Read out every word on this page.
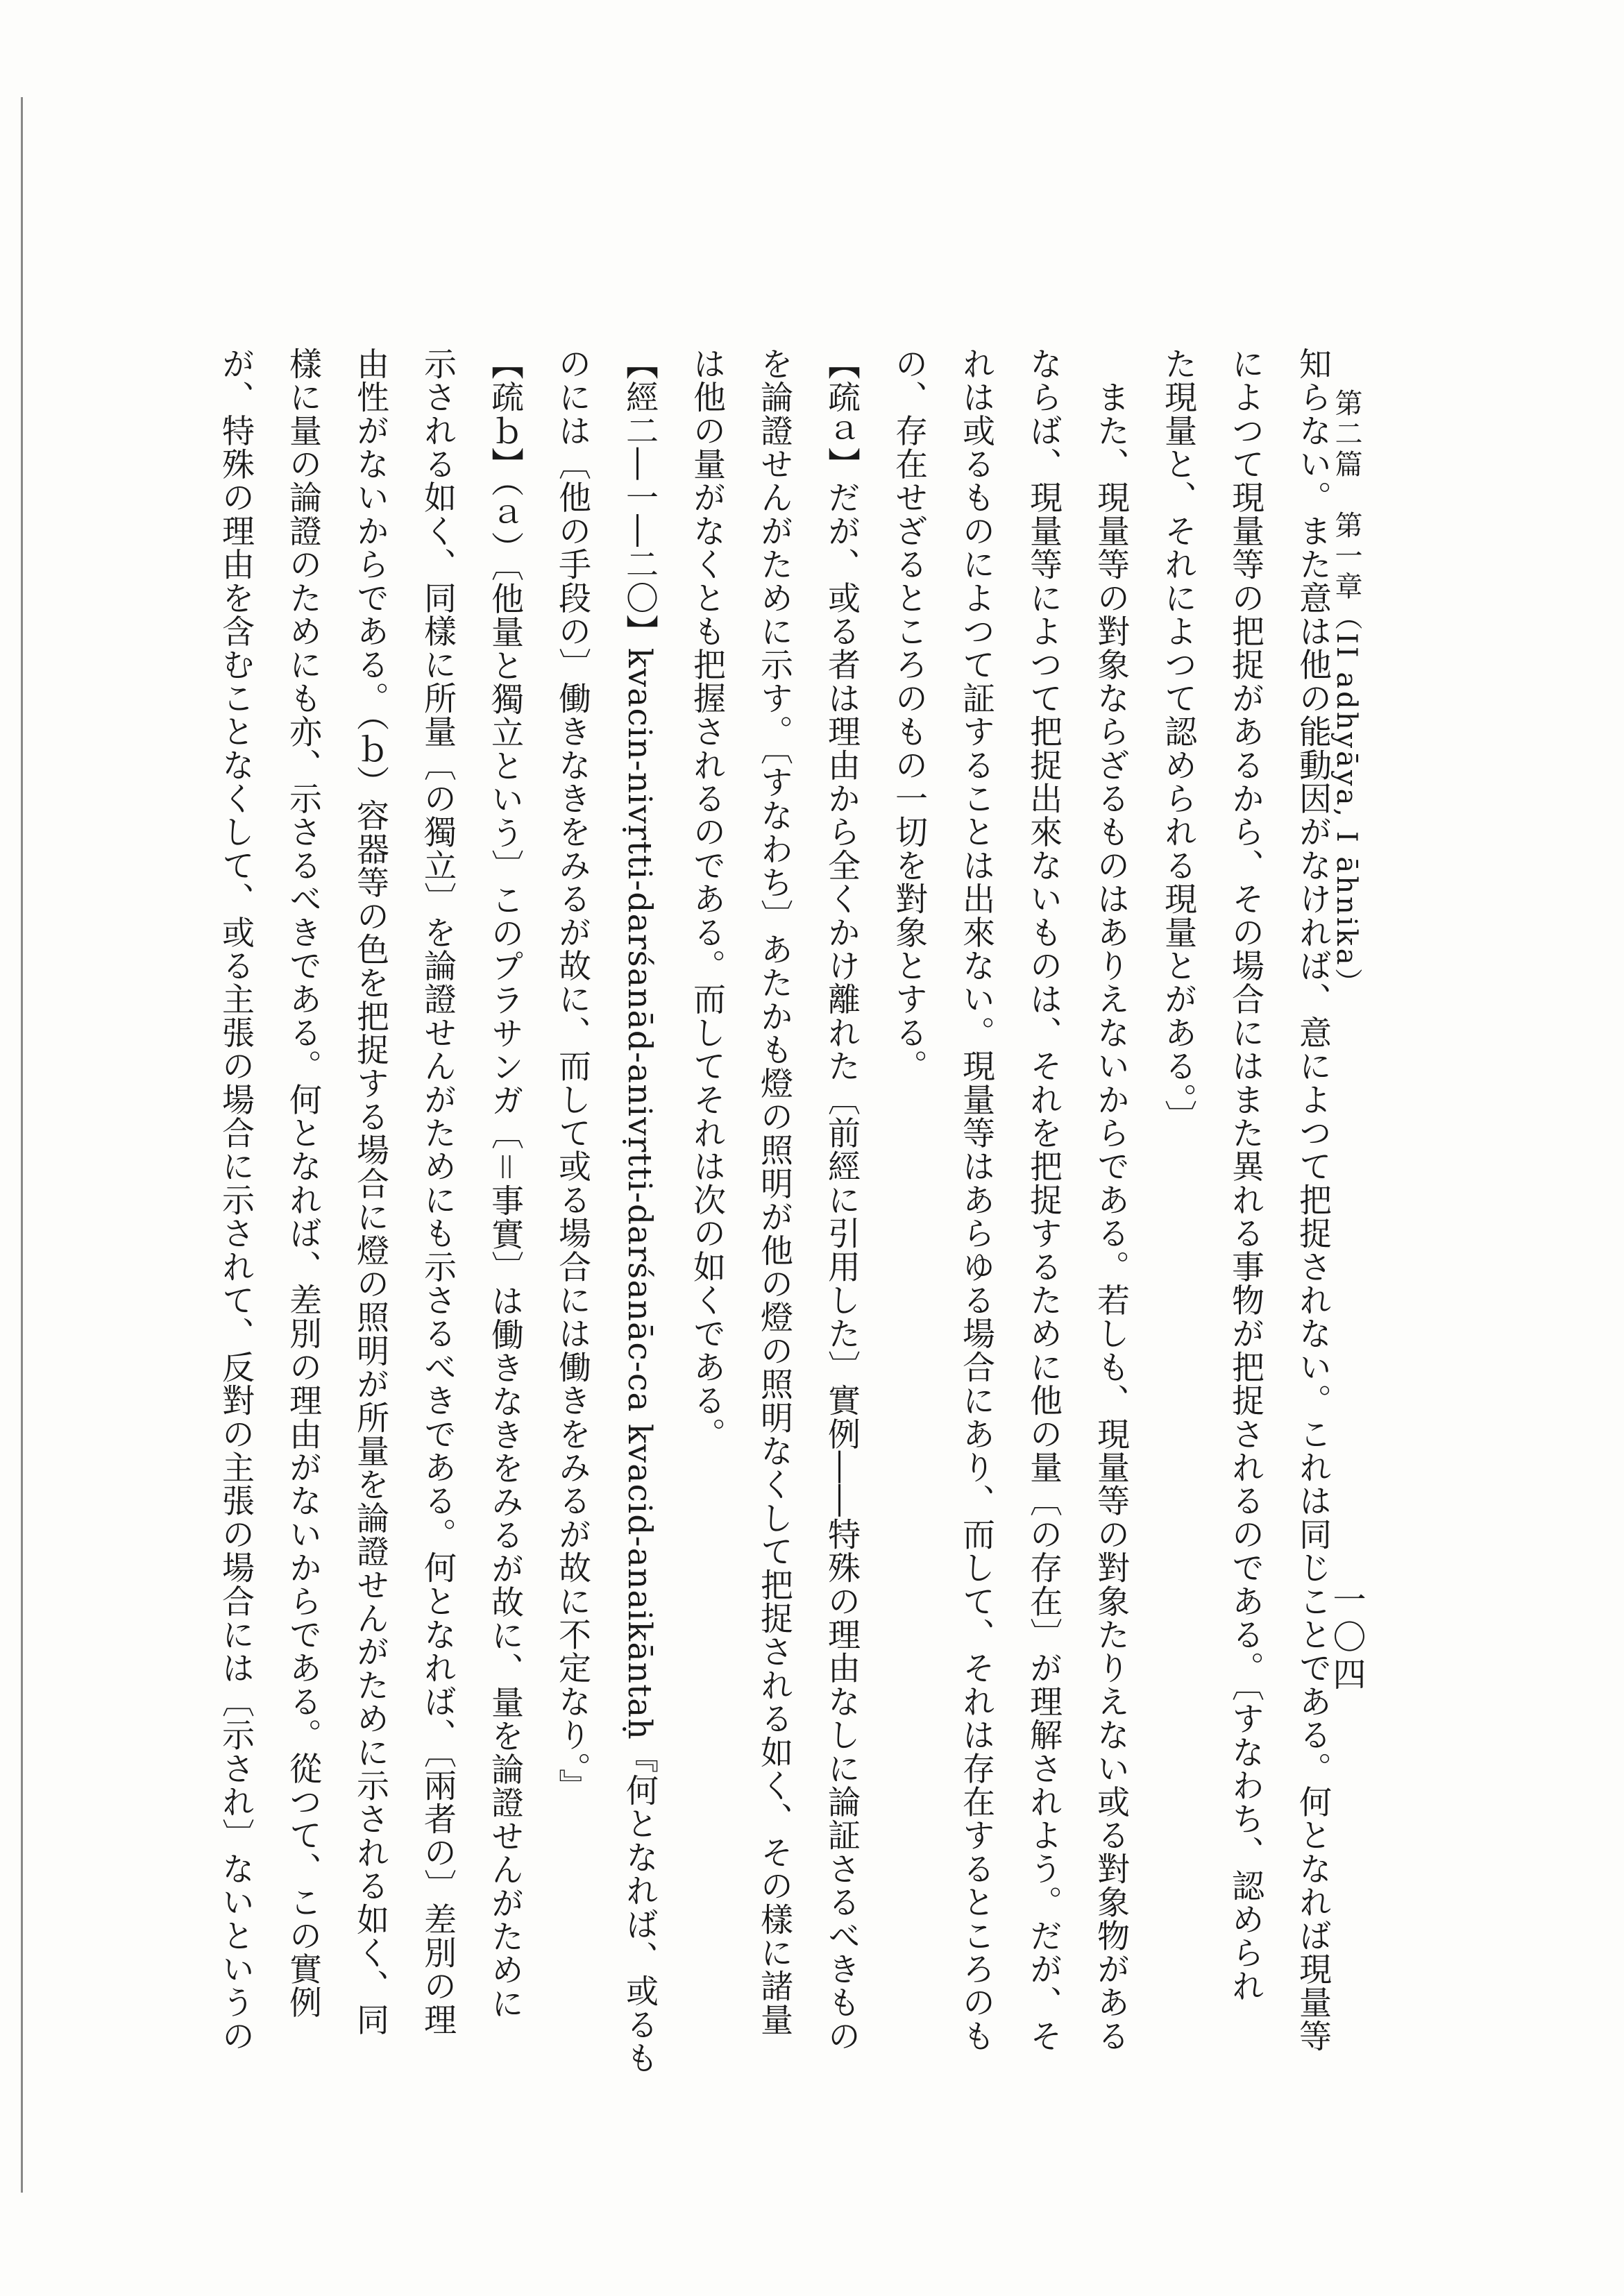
第二篇　第一章（II adhyāya, I āhnika）
一〇四
知らない。また意は他の能動因がなければ、意によつて把捉されない。これは同じことである。何となれば現量等
によつて現量等の把捉があるから、その場合にはまた異れる事物が把捉されるのである。〔すなわち、認められ
た現量と、それによつて認められる現量とがある。〕
　また、現量等の對象ならざるものはありえないからである。若しも、現量等の對象たりえない或る對象物がある
ならば、現量等によつて把捉出來ないものは、それを把捉するために他の量〔の存在〕が理解されよう。だが、そ
れは或るものによつて証することは出來ない。現量等はあらゆる場合にあり、而して、それは存在するところのも
の、存在せざるところのもの一切を對象とする。
【疏ａ】だが、或る者は理由から全くかけ離れた〔前經に引用した〕實例――特殊の理由なしに論証さるべきもの
を論證せんがために示す。〔すなわち〕あたかも燈の照明が他の燈の照明なくして把捉される如く、その樣に諸量
は他の量がなくとも把握されるのである。而してそれは次の如くである。
【經二―一―二〇】kvacin-nivṛtti-darśanād-anivṛtti-darśanāc-ca kvacid-anaikāntaḥ『何となれば、或るも
のには〔他の手段の〕働きなきをみるが故に、而して或る場合には働きをみるが故に不定なり。』
【疏ｂ】（ａ）〔他量と獨立という〕このプラサンガ〔＝事實〕は働きなきをみるが故に、量を論證せんがために
示される如く、同樣に所量〔の獨立〕を論證せんがためにも示さるべきである。何となれば、〔兩者の〕差別の理
由性がないからである。（ｂ）容器等の色を把捉する場合に燈の照明が所量を論證せんがために示される如く、同
樣に量の論證のためにも亦、示さるべきである。何となれば、差別の理由がないからである。從つて、この實例
が、特殊の理由を含むことなくして、或る主張の場合に示されて、反對の主張の場合には〔示され〕ないというの
